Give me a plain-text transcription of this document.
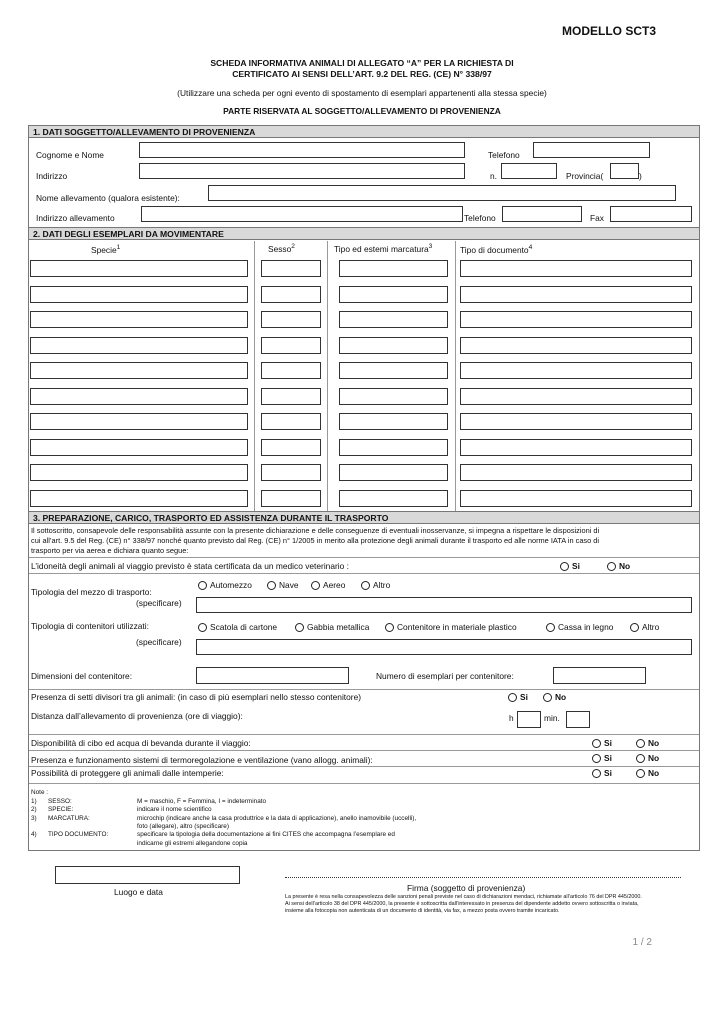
MODELLO SCT3
SCHEDA INFORMATIVA ANIMALI DI ALLEGATO “A” PER LA RICHIESTA DI
CERTIFICATO AI SENSI DELL’ART. 9.2 DEL REG. (CE) N° 338/97
(Utilizzare una scheda per ogni evento di spostamento di esemplari appartenenti alla stessa specie)
PARTE RISERVATA AL SOGGETTO/ALLEVAMENTO DI PROVENIENZA
1. DATI SOGGETTO/ALLEVAMENTO DI PROVENIENZA
Cognome e Nome	Telefono
Indirizzo	n.	Provincia(	)
Nome allevamento (qualora esistente):
Indirizzo allevamento	Telefono	Fax
2. DATI DEGLI ESEMPLARI DA MOVIMENTARE
Specie$^1$	Sesso$^2$	Tipo ed estemi marcatura$^3$	Tipo di documento$^4$
3. PREPARAZIONE, CARICO, TRASPORTO ED ASSISTENZA DURANTE IL TRASPORTO
Il sottoscritto, consapevole delle responsabilità assunte con la presente dichiarazione e delle conseguenze di eventuali inosservanze, si impegna a rispettare le disposizioni di
cui all’art. 9.5 del Reg. (CE) n° 338/97 nonché quanto previsto dal Reg. (CE) n° 1/2005 in merito alla protezione degli animali durante il trasporto ed alle norme IATA in caso di
trasporto per via aerea e dichiara quanto segue:
L’idoneità degli animali al viaggio previsto è stata certificata da un medico veterinario :	Si	No
Tipologia del mezzo di trasporto:
(specificare)
Automezzo	Nave	Aereo	Altro
Tipologia di contenitori utilizzati:
(specificare)
Scatola di cartone	Gabbia metallica	Contenitore in materiale plastico	Cassa in legno	Altro
Dimensioni del contenitore:	Numero di esemplari per contenitore:
Presenza di setti divisori tra gli animali: (in caso di più esemplari nello stesso contenitore)	Si	No
Distanza dall’allevamento di provenienza (ore di viaggio):	h	min.
Disponibilità di cibo ed acqua di bevanda durante il viaggio:	Si	No
Presenza e funzionamento sistemi di termoregolazione e ventilazione (vano allogg. animali):	Si	No
Possibilità di proteggere gli animali dalle intemperie:	Si	No
Note :
1) SESSO:	M = maschio, F = Femmina, I = indeterminato
2) SPECIE:	indicare il nome scientifico
3) MARCATURA:	microchip (indicare anche la casa produttrice e la data di applicazione), anello inamovibile (uccelli),
foto (allegare), altro (specificare)
4) TIPO DOCUMENTO:	specificare la tipologia della documentazione ai fini CITES che accompagna l’esemplare ed
indicarne gli estremi allegandone copia
Luogo e data	Firma (soggetto di provenienza)
La presente è resa nella consapevolezza delle sanzioni penali previste nel caso di dichiarazioni mendaci, richiamate all’articolo 76 del DPR 445/2000.
Ai sensi dell’articolo 38 del DPR 445/2000, la presente è sottoscritta dall’interessato in presenza del dipendente addetto ovvero sottoscritta o inviata,
insieme alla fotocopia non autenticata di un documento di identità, via fax, a mezzo posta ovvero tramite incaricato.
1 / 2
